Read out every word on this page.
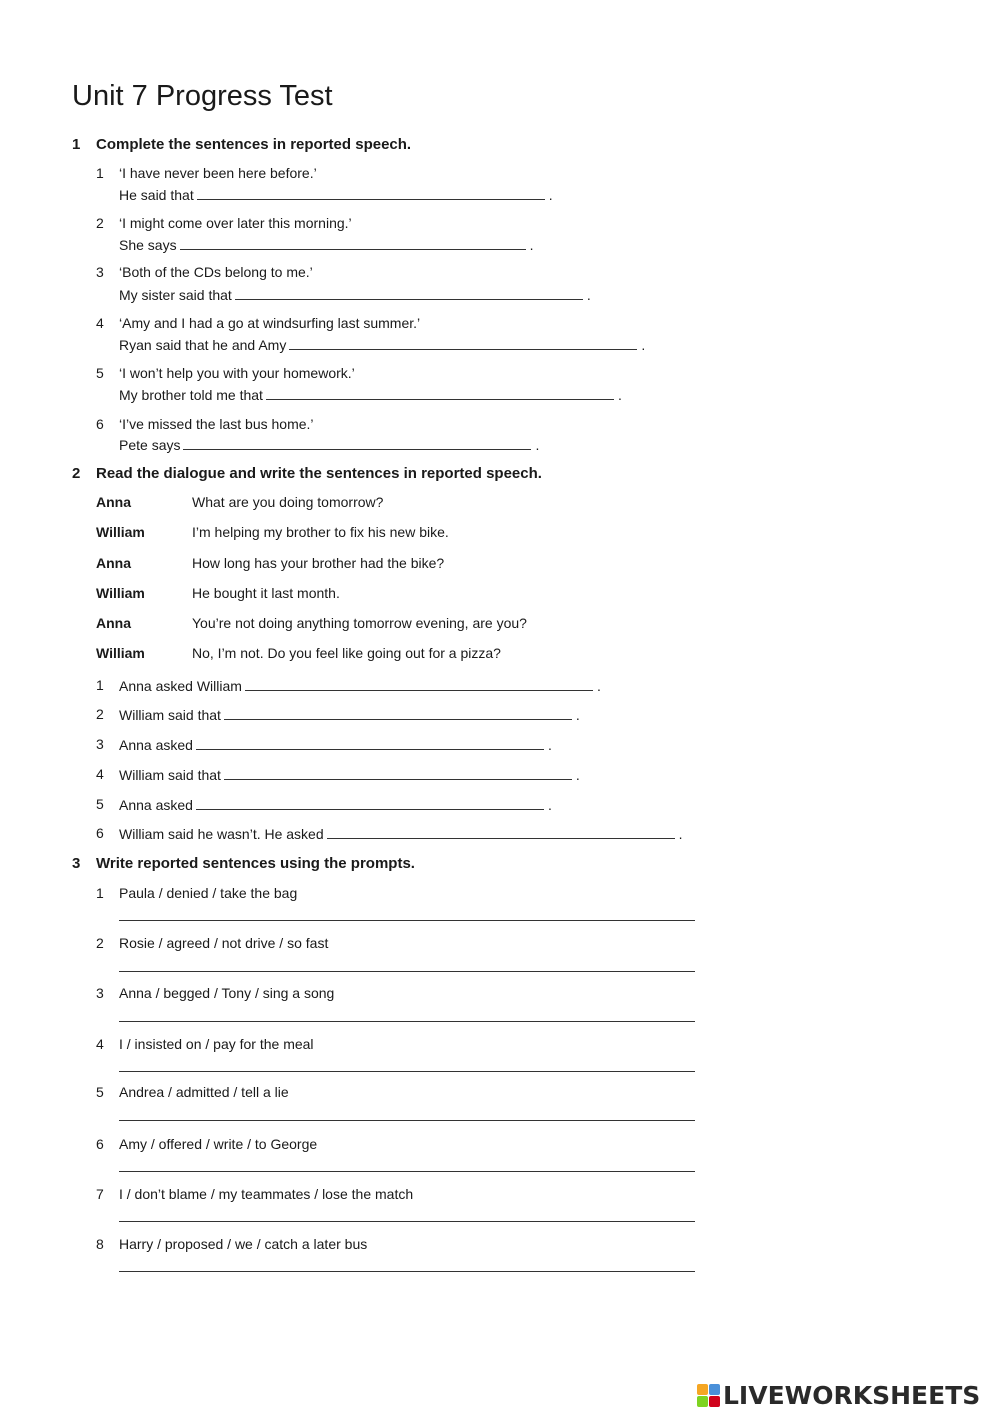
Unit 7 Progress Test
1 Complete the sentences in reported speech.
1 ‘I have never been here before.’
He said that	.
2 ‘I might come over later this morning.’
She says	.
3 ‘Both of the CDs belong to me.’
My sister said that	.
4 ‘Amy and I had a go at windsurfing last summer.’
Ryan said that he and Amy	.
5 ‘I won’t help you with your homework.’
My brother told me that	.
6 ‘I’ve missed the last bus home.’
Pete says	.
2 Read the dialogue and write the sentences in reported speech.
Anna	What are you doing tomorrow?
William	I’m helping my brother to fix his new bike.
Anna	How long has your brother had the bike?
William	He bought it last month.
Anna	You’re not doing anything tomorrow evening, are you?
William	No, I’m not. Do you feel like going out for a pizza?
1 Anna asked William	.
2 William said that	.
3 Anna asked	.
4 William said that	.
5 Anna asked	.
6 William said he wasn’t. He asked	.
3 Write reported sentences using the prompts.
1 Paula / denied / take the bag
2 Rosie / agreed / not drive / so fast
3 Anna / begged / Tony / sing a song
4 I / insisted on / pay for the meal
5 Andrea / admitted / tell a lie
6 Amy / offered / write / to George
7 I / don’t blame / my teammates / lose the match
8 Harry / proposed / we / catch a later bus
LIVEWORKSHEETS
